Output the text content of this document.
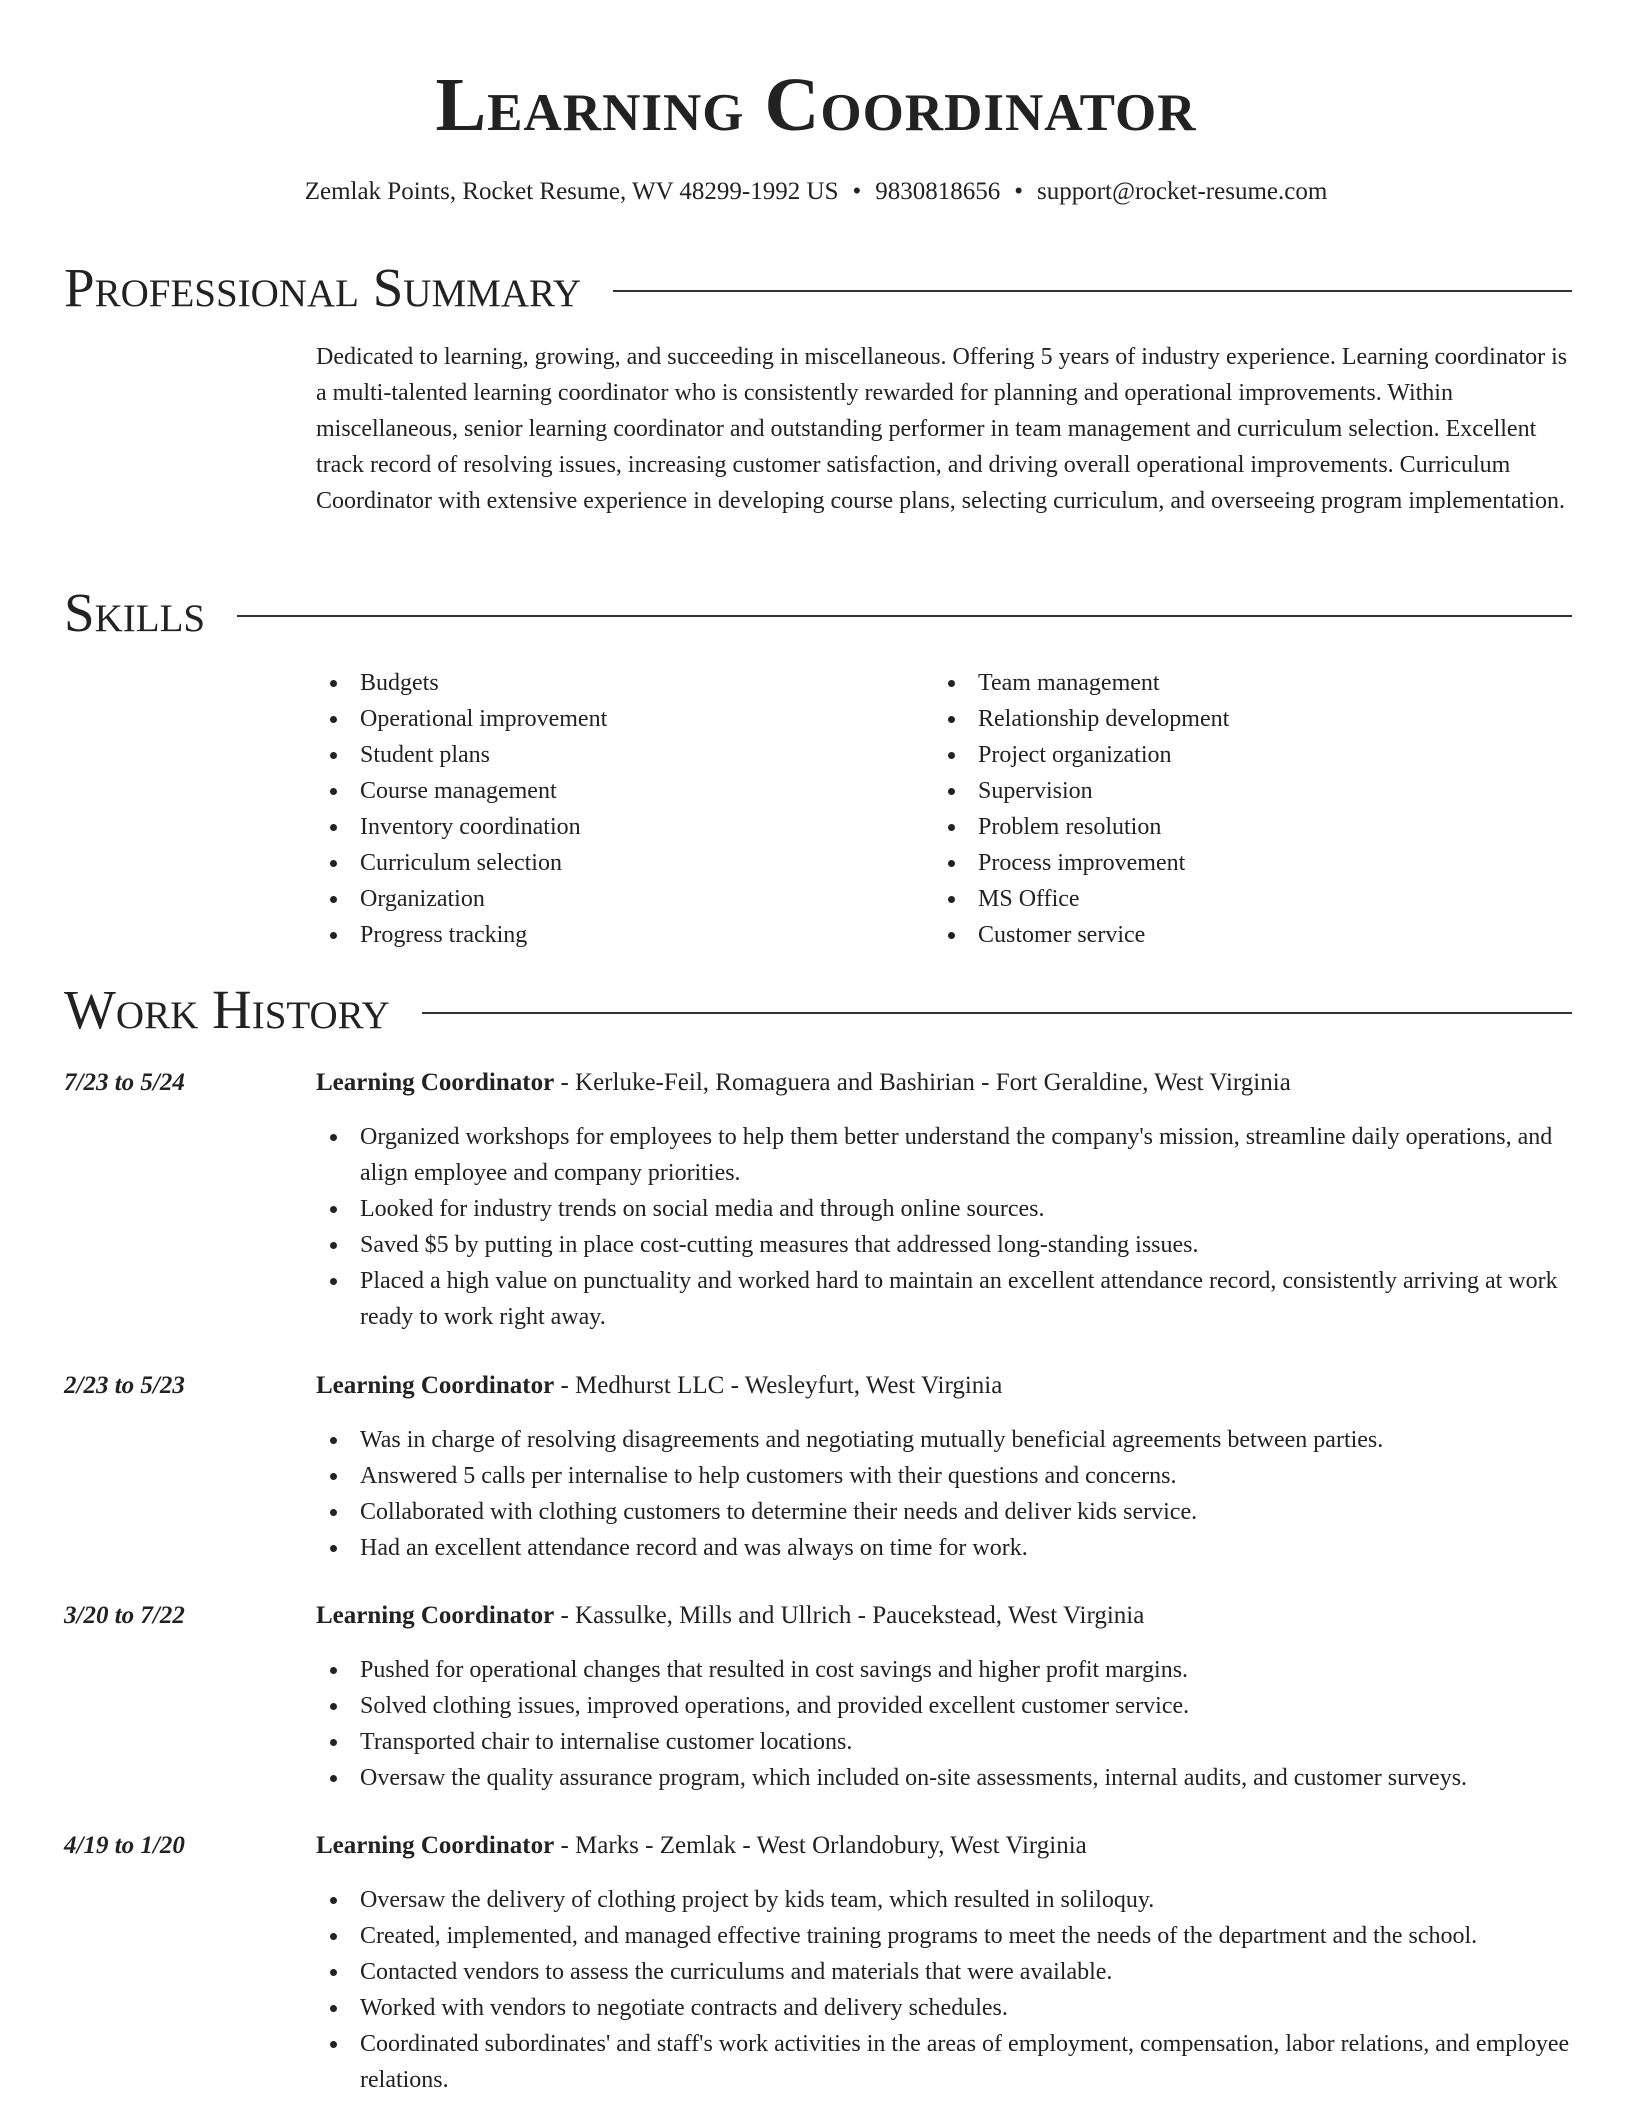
Learning Coordinator
Zemlak Points, Rocket Resume, WV 48299-1992 US • 9830818656 • support@rocket-resume.com
Professional Summary

Dedicated to learning, growing, and succeeding in miscellaneous. Offering 5 years of industry experience. Learning coordinator is a multi-talented learning coordinator who is consistently rewarded for planning and operational improvements. Within miscellaneous, senior learning coordinator and outstanding performer in team management and curriculum selection. Excellent track record of resolving issues, increasing customer satisfaction, and driving overall operational improvements. Curriculum Coordinator with extensive experience in developing course plans, selecting curriculum, and overseeing program implementation.

Skills
Budgets
Operational improvement
Student plans
Course management
Inventory coordination
Curriculum selection
Organization
Progress tracking
Team management
Relationship development
Project organization
Supervision
Problem resolution
Process improvement
MS Office
Customer service
Work History
7/23 to 5/24	Learning Coordinator - Kerluke-Feil, Romaguera and Bashirian - Fort Geraldine, West Virginia
Organized workshops for employees to help them better understand the company's mission, streamline daily operations, and align employee and company priorities.
Looked for industry trends on social media and through online sources.
Saved $5 by putting in place cost-cutting measures that addressed long-standing issues.
Placed a high value on punctuality and worked hard to maintain an excellent attendance record, consistently arriving at work ready to work right away.
2/23 to 5/23	Learning Coordinator - Medhurst LLC - Wesleyfurt, West Virginia
Was in charge of resolving disagreements and negotiating mutually beneficial agreements between parties.
Answered 5 calls per internalise to help customers with their questions and concerns.
Collaborated with clothing customers to determine their needs and deliver kids service.
Had an excellent attendance record and was always on time for work.
3/20 to 7/22	Learning Coordinator - Kassulke, Mills and Ullrich - Paucekstead, West Virginia
Pushed for operational changes that resulted in cost savings and higher profit margins.
Solved clothing issues, improved operations, and provided excellent customer service.
Transported chair to internalise customer locations.
Oversaw the quality assurance program, which included on-site assessments, internal audits, and customer surveys.
4/19 to 1/20	Learning Coordinator - Marks - Zemlak - West Orlandobury, West Virginia
Oversaw the delivery of clothing project by kids team, which resulted in soliloquy.
Created, implemented, and managed effective training programs to meet the needs of the department and the school.
Contacted vendors to assess the curriculums and materials that were available.
Worked with vendors to negotiate contracts and delivery schedules.
Coordinated subordinates' and staff's work activities in the areas of employment, compensation, labor relations, and employee relations.
